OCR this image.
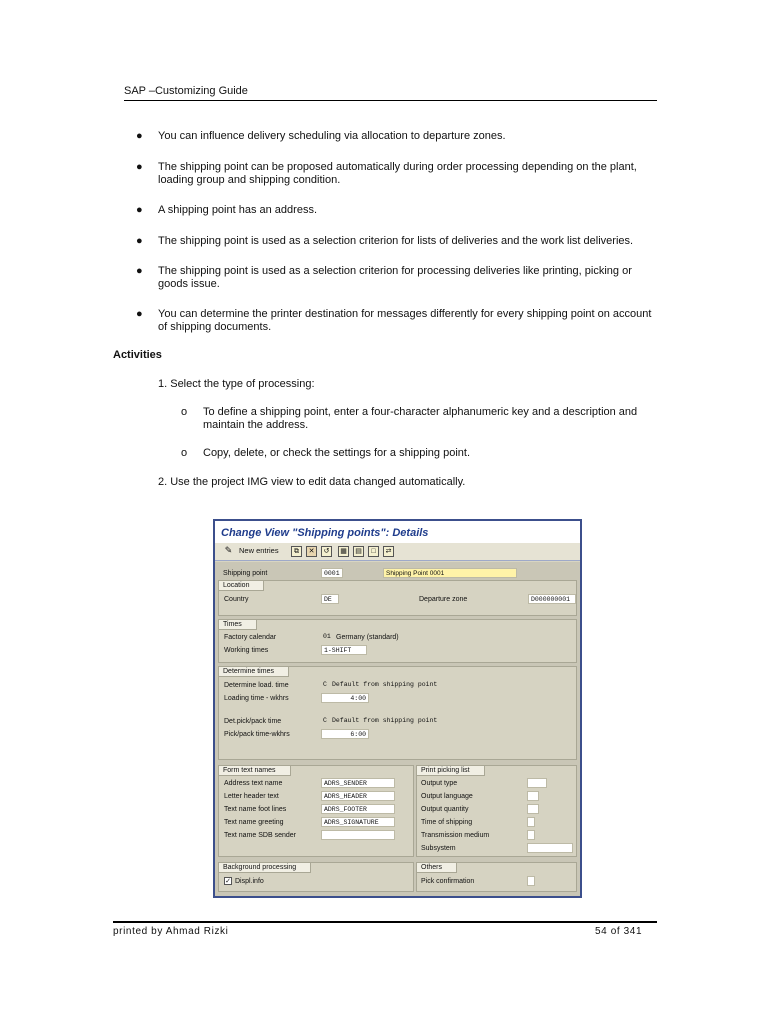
SAP –Customizing Guide
● You can influence delivery scheduling via allocation to departure zones.
● The shipping point can be proposed automatically during order processing depending on the plant, loading group and shipping condition.
● A shipping point has an address.
● The shipping point is used as a selection criterion for lists of deliveries and the work list deliveries.
● The shipping point is used as a selection criterion for processing deliveries like printing, picking or goods issue.
● You can determine the printer destination for messages differently for every shipping point on account of shipping documents.
Activities
1. Select the type of processing:
o To define a shipping point, enter a four-character alphanumeric key and a description and maintain the address.
o Copy, delete, or check the settings for a shipping point.
2. Use the project IMG view to edit data changed automatically.
Change View "Shipping points": Details
✎ New entries	⧉	✕	↺	▦	▤	□	⇄
Shipping point	0001	Shipping Point 0001
Location
Country	DE	Departure zone	D000000001
Times
Factory calendar	01 Germany (standard)
Working times	1-SHIFT
Determine times
Determine load. time	C Default from shipping point
Loading time - wkhrs	4:00
Det.pick/pack time	C Default from shipping point
Pick/pack time-wkhrs	6:00
Form text names
Address text name	ADRS_SENDER
Letter header text	ADRS_HEADER
Text name foot lines	ADRS_FOOTER
Text name greeting	ADRS_SIGNATURE
Text name SDB sender
Print picking list
Output type
Output language
Output quantity
Time of shipping
Transmission medium
Subsystem
Background processing
✓ Displ.info
Others
Pick confirmation
printed by Ahmad Rizki	54 of 341
